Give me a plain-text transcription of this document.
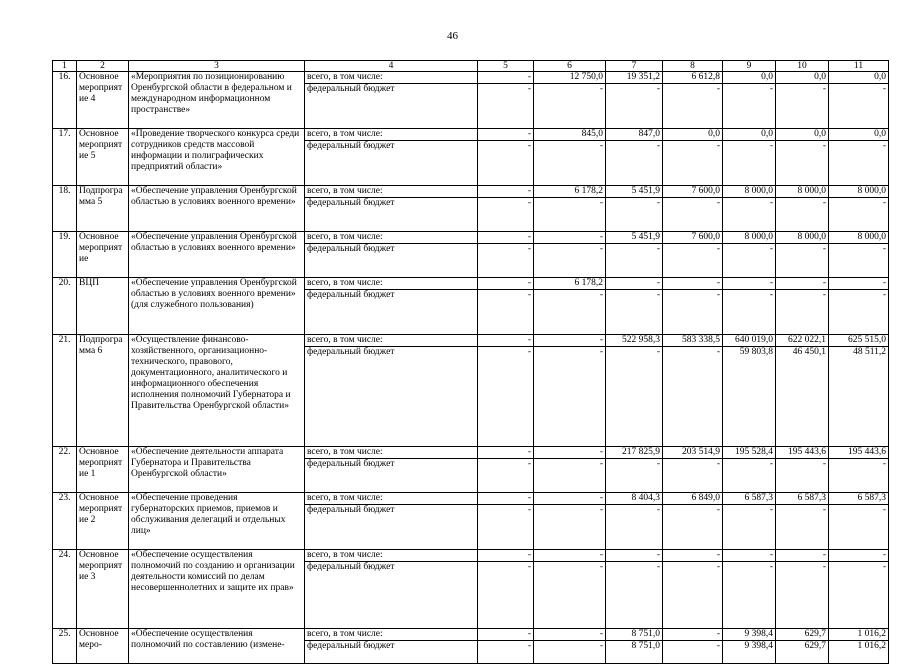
46
1	2	3	4	5	6	7	8	9	10	11
16.	Основное мероприятие 4	«Мероприятия по позиционированию Оренбургской области в федеральном и международном информационном пространстве»	всего, в том числе:	-	12 750,0	19 351,2	6 612,8	0,0	0,0	0,0
			федеральный бюджет	-	-	-	-	-	-	-
17.	Основное мероприятие 5	«Проведение творческого конкурса среди сотрудников средств массовой информации и полиграфических предприятий области»	всего, в том числе:	-	845,0	847,0	0,0	0,0	0,0	0,0
			федеральный бюджет	-	-	-	-	-	-	-
18.	Подпрограмма 5	«Обеспечение управления Оренбургской областью в условиях военного времени»	всего, в том числе:	-	6 178,2	5 451,9	7 600,0	8 000,0	8 000,0	8 000,0
			федеральный бюджет	-	-	-	-	-	-	-
19.	Основное мероприятие	«Обеспечение управления Оренбургской областью в условиях военного времени»	всего, в том числе:	-	-	5 451,9	7 600,0	8 000,0	8 000,0	8 000,0
			федеральный бюджет	-	-	-	-	-	-	-
20.	ВЦП	«Обеспечение управления Оренбургской областью в условиях военного времени» (для служебного пользования)	всего, в том числе:	-	6 178,2	-	-	-	-	-
			федеральный бюджет	-	-	-	-	-	-	-
21.	Подпрограмма 6	«Осуществление финансово-хозяйственного, организационно-технического, правового, документационного, аналитического и информационного обеспечения исполнения полномочий Губернатора и Правительства Оренбургской области»	всего, в том числе:	-	-	522 958,3	583 338,5	640 019,0	622 022,1	625 515,0
			федеральный бюджет	-	-	-	-	59 803,8	46 450,1	48 511,2
22.	Основное мероприятие 1	«Обеспечение деятельности аппарата Губернатора и Правительства Оренбургской области»	всего, в том числе:	-	-	217 825,9	203 514,9	195 528,4	195 443,6	195 443,6
			федеральный бюджет	-	-	-	-	-	-	-
23.	Основное мероприятие 2	«Обеспечение проведения губернаторских приемов, приемов и обслуживания делегаций и отдельных лиц»	всего, в том числе:	-	-	8 404,3	6 849,0	6 587,3	6 587,3	6 587,3
			федеральный бюджет	-	-	-	-	-	-	-
24.	Основное мероприятие 3	«Обеспечение осуществления полномочий по созданию и организации деятельности комиссий по делам несовершеннолетних и защите их прав»	всего, в том числе:	-	-	-	-	-	-	-
			федеральный бюджет	-	-	-	-	-	-	-
25.	Основное меро-	«Обеспечение осуществления полномочий по составлению (измене-	всего, в том числе:	-	-	8 751,0	-	9 398,4	629,7	1 016,2
			федеральный бюджет	-	-	8 751,0	-	9 398,4	629,7	1 016,2
